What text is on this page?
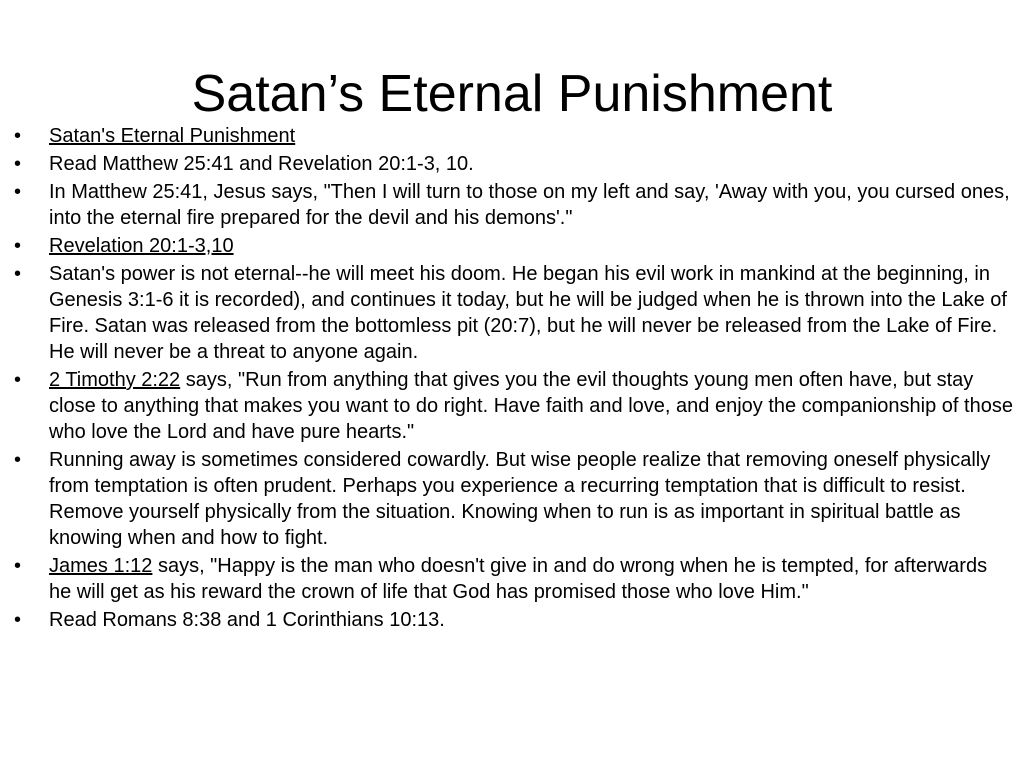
Satan’s Eternal Punishment
• Satan's Eternal Punishment
• Read Matthew 25:41 and Revelation 20:1-3, 10.
• In Matthew 25:41, Jesus says, "Then I will turn to those on my left and say, 'Away with you, you cursed ones, into the eternal fire prepared for the devil and his demons'."
• Revelation 20:1-3,10
• Satan's power is not eternal--he will meet his doom. He began his evil work in mankind at the beginning, in Genesis 3:1-6 it is recorded), and continues it today, but he will be judged when he is thrown into the Lake of Fire. Satan was released from the bottomless pit (20:7), but he will never be released from the Lake of Fire. He will never be a threat to anyone again.
• 2 Timothy 2:22 says, "Run from anything that gives you the evil thoughts young men often have, but stay close to anything that makes you want to do right. Have faith and love, and enjoy the companionship of those who love the Lord and have pure hearts."
• Running away is sometimes considered cowardly. But wise people realize that removing oneself physically from temptation is often prudent. Perhaps you experience a recurring temptation that is difficult to resist. Remove yourself physically from the situation. Knowing when to run is as important in spiritual battle as knowing when and how to fight.
• James 1:12 says, "Happy is the man who doesn't give in and do wrong when he is tempted, for afterwards he will get as his reward the crown of life that God has promised those who love Him."
• Read Romans 8:38 and 1 Corinthians 10:13.
